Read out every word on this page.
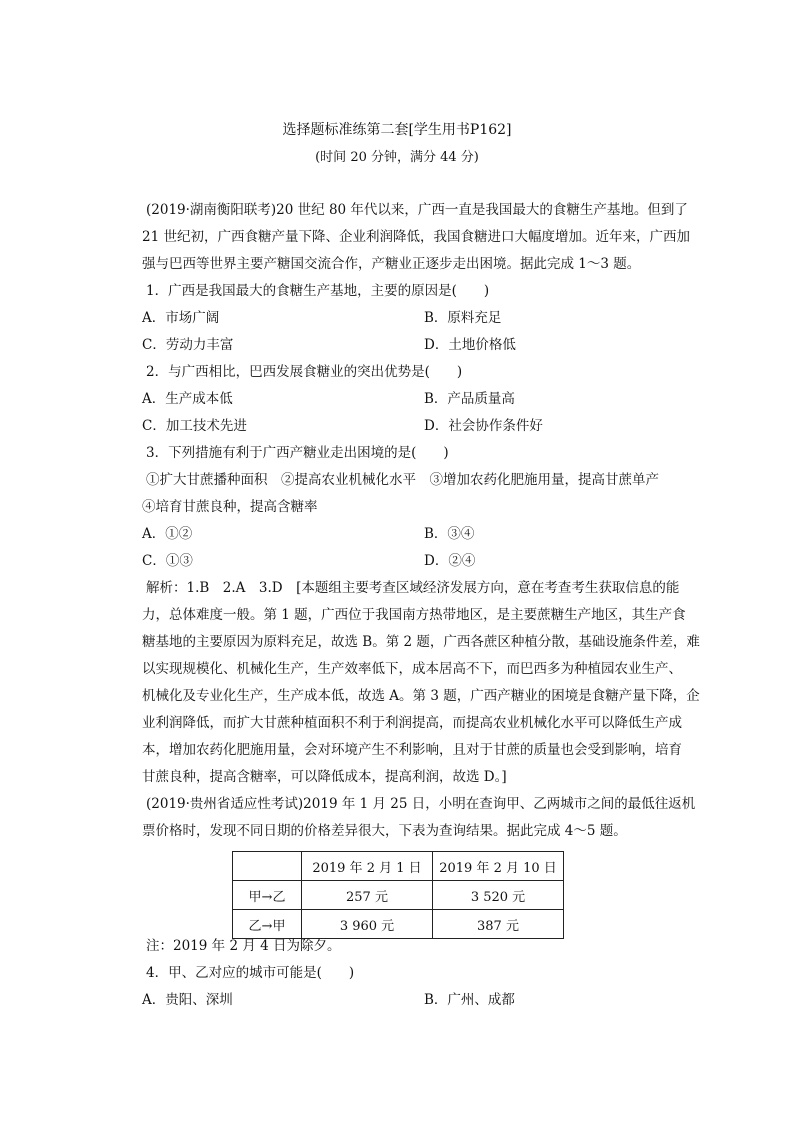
选择题标准练第二套[学生用书P162]
(时间 20 分钟，满分 44 分)
(2019·湖南衡阳联考)20 世纪 80 年代以来，广西一直是我国最大的食糖生产基地。但到了
21 世纪初，广西食糖产量下降、企业利润降低，我国食糖进口大幅度增加。近年来，广西加
强与巴西等世界主要产糖国交流合作，产糖业正逐步走出困境。据此完成 1～3 题。
1．广西是我国最大的食糖生产基地，主要的原因是(　　)
A．市场广阔	B．原料充足
C．劳动力丰富	D．土地价格低
2．与广西相比，巴西发展食糖业的突出优势是(　　)
A．生产成本低	B．产品质量高
C．加工技术先进	D．社会协作条件好
3．下列措施有利于广西产糖业走出困境的是(　　)
①扩大甘蔗播种面积　②提高农业机械化水平　③增加农药化肥施用量，提高甘蔗单产
④培育甘蔗良种，提高含糖率
A．①②	B．③④
C．①③	D．②④
解析：1.B　2.A　3.D　[本题组主要考查区域经济发展方向，意在考查考生获取信息的能
力，总体难度一般。第 1 题，广西位于我国南方热带地区，是主要蔗糖生产地区，其生产食
糖基地的主要原因为原料充足，故选 B。第 2 题，广西各蔗区种植分散，基础设施条件差，难
以实现规模化、机械化生产，生产效率低下，成本居高不下，而巴西多为种植园农业生产、
机械化及专业化生产，生产成本低，故选 A。第 3 题，广西产糖业的困境是食糖产量下降，企
业利润降低，而扩大甘蔗种植面积不利于利润提高，而提高农业机械化水平可以降低生产成
本，增加农药化肥施用量，会对环境产生不利影响，且对于甘蔗的质量也会受到影响，培育
甘蔗良种，提高含糖率，可以降低成本，提高利润，故选 D。]
(2019·贵州省适应性考试)2019 年 1 月 25 日，小明在查询甲、乙两城市之间的最低往返机
票价格时，发现不同日期的价格差异很大，下表为查询结果。据此完成 4～5 题。
	2019 年 2 月 1 日	2019 年 2 月 10 日
甲→乙	257 元	3 520 元
乙→甲	3 960 元	387 元
注：2019 年 2 月 4 日为除夕。
4．甲、乙对应的城市可能是(　　)
A．贵阳、深圳	B．广州、成都
